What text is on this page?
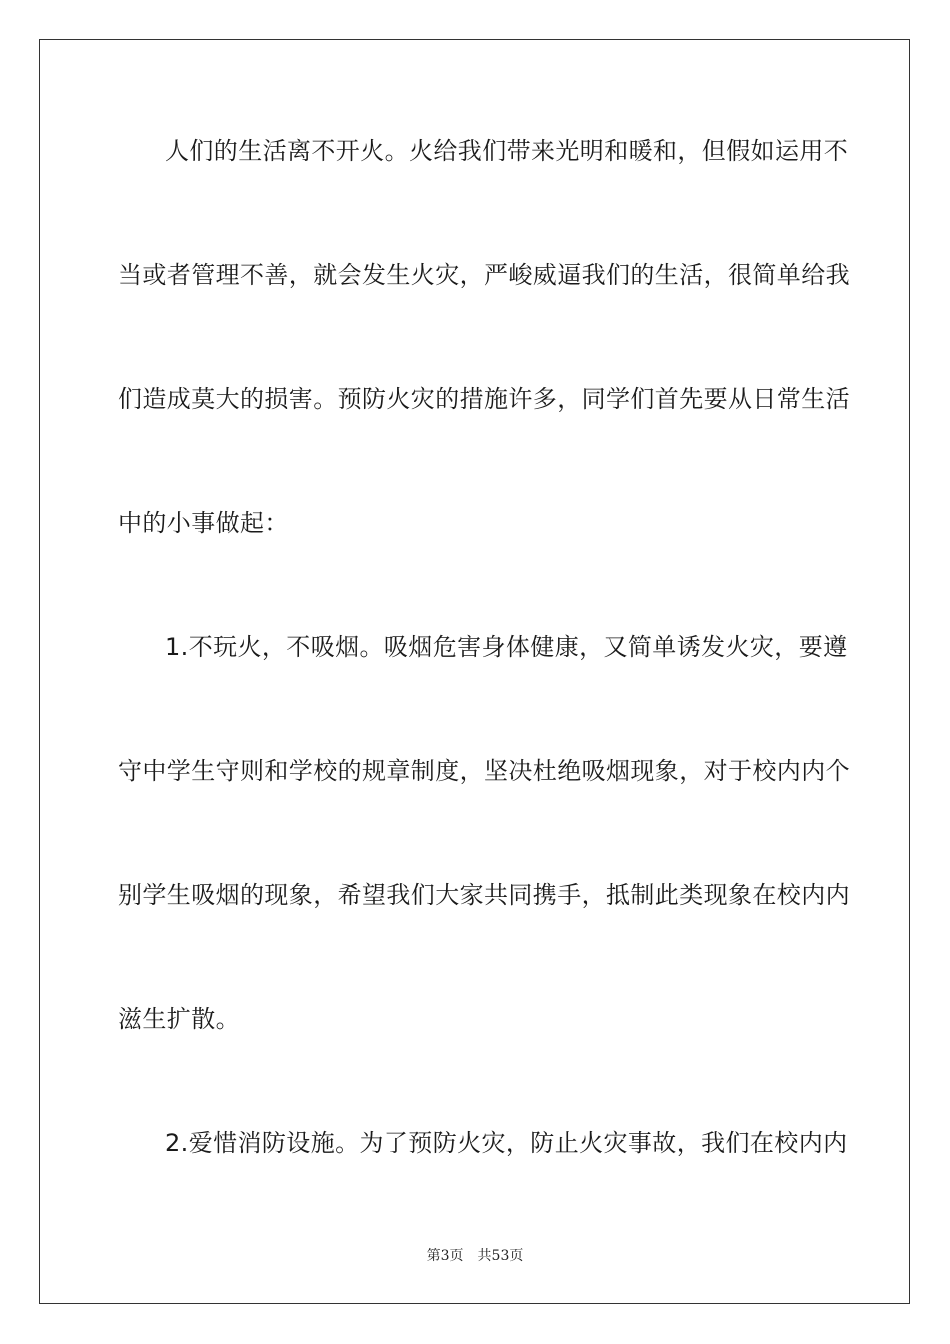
人们的生活离不开火。火给我们带来光明和暖和，但假如运用不
当或者管理不善，就会发生火灾，严峻威逼我们的生活，很简单给我
们造成莫大的损害。预防火灾的措施许多，同学们首先要从日常生活
中的小事做起：
1.不玩火，不吸烟。吸烟危害身体健康，又简单诱发火灾，要遵
守中学生守则和学校的规章制度，坚决杜绝吸烟现象，对于校内内个
别学生吸烟的现象，希望我们大家共同携手，抵制此类现象在校内内
滋生扩散。
2.爱惜消防设施。为了预防火灾，防止火灾事故，我们在校内内
第3页 共53页
